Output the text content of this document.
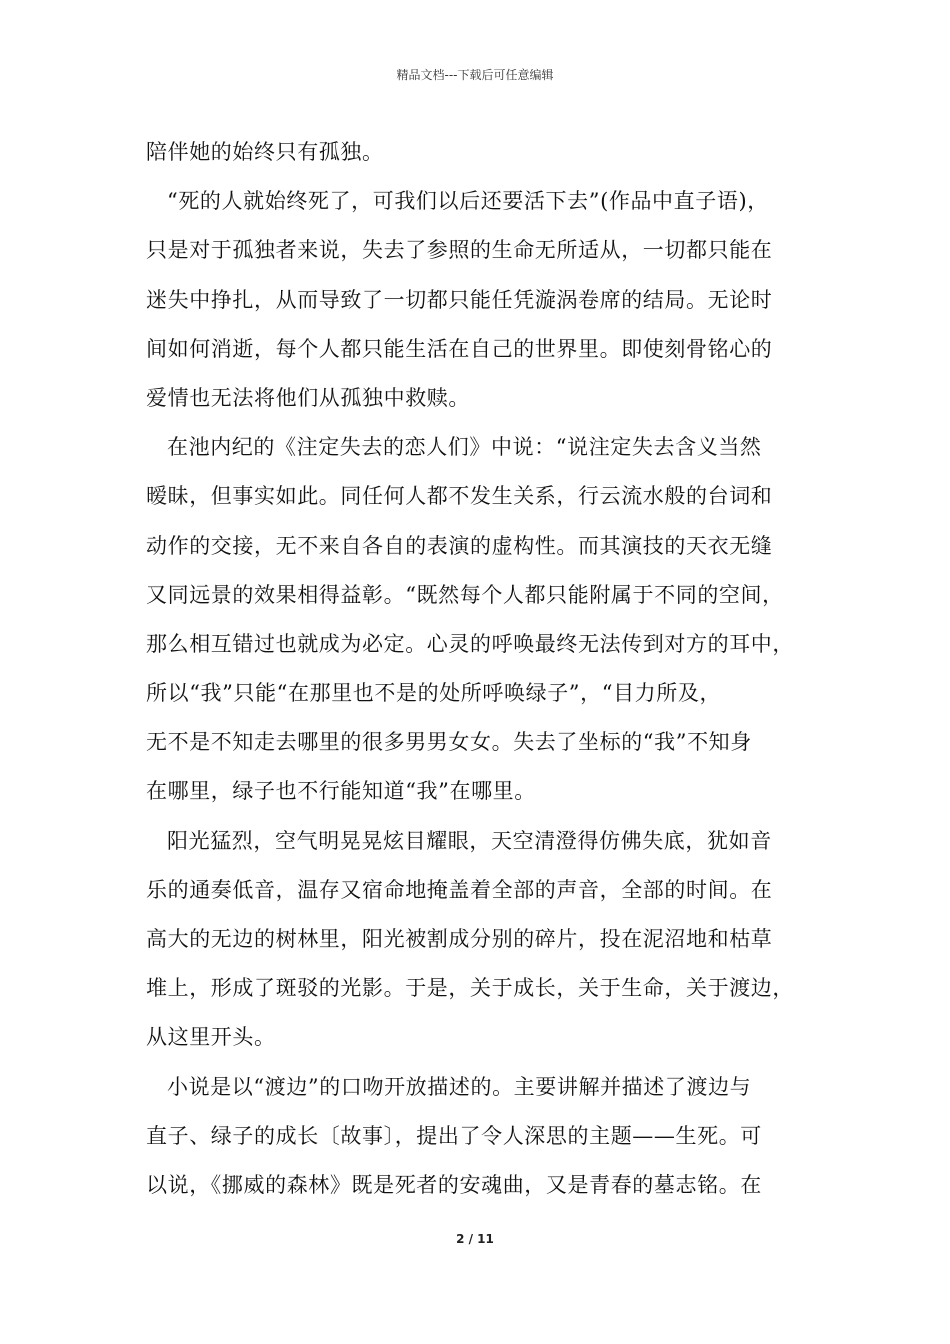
精品文档---下载后可任意编辑
陪伴她的始终只有孤独。
“死的人就始终死了，可我们以后还要活下去”(作品中直子语)，
只是对于孤独者来说，失去了参照的生命无所适从，一切都只能在
迷失中挣扎，从而导致了一切都只能任凭漩涡卷席的结局。无论时
间如何消逝，每个人都只能生活在自己的世界里。即使刻骨铭心的
爱情也无法将他们从孤独中救赎。
在池内纪的《注定失去的恋人们》中说：“说注定失去含义当然
暧昧，但事实如此。同任何人都不发生关系，行云流水般的台词和
动作的交接，无不来自各自的表演的虚构性。而其演技的天衣无缝
又同远景的效果相得益彰。“既然每个人都只能附属于不同的空间，
那么相互错过也就成为必定。心灵的呼唤最终无法传到对方的耳中，
所以“我”只能“在那里也不是的处所呼唤绿子”，“目力所及，
无不是不知走去哪里的很多男男女女。失去了坐标的“我”不知身
在哪里，绿子也不行能知道“我”在哪里。
阳光猛烈，空气明晃晃炫目耀眼，天空清澄得仿佛失底，犹如音
乐的通奏低音，温存又宿命地掩盖着全部的声音，全部的时间。在
高大的无边的树林里，阳光被割成分别的碎片，投在泥沼地和枯草
堆上，形成了斑驳的光影。于是，关于成长，关于生命，关于渡边，
从这里开头。
小说是以“渡边”的口吻开放描述的。主要讲解并描述了渡边与
直子、绿子的成长〔故事〕，提出了令人深思的主题——生死。可
以说，《挪威的森林》既是死者的安魂曲，又是青春的墓志铭。在
2 / 11
